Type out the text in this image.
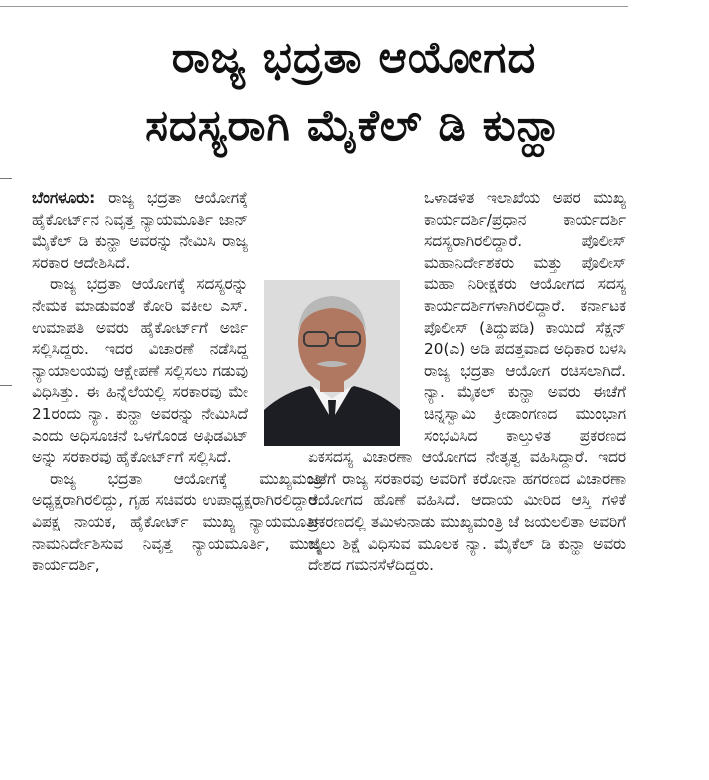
ರಾಜ್ಯ ಭದ್ರತಾ ಆಯೋಗದ
ಸದಸ್ಯರಾಗಿ ಮೈಕೆಲ್ ಡಿ ಕುನ್ಹಾ

ಬೆಂಗಳೂರು: ರಾಜ್ಯ ಭದ್ರತಾ ಆಯೋಗಕ್ಕೆ ಹೈಕೋರ್ಟ್‌ನ ನಿವೃತ್ತ ನ್ಯಾಯಮೂರ್ತಿ ಜಾನ್ ಮೈಕೆಲ್ ಡಿ ಕುನ್ಹಾ ಅವರನ್ನು ನೇಮಿಸಿ ರಾಜ್ಯ ಸರಕಾರ ಆದೇಶಿಸಿದೆ.

ರಾಜ್ಯ ಭದ್ರತಾ ಆಯೋಗಕ್ಕೆ ಸದಸ್ಯರನ್ನು ನೇಮಕ ಮಾಡುವಂತೆ ಕೋರಿ ವಕೀಲ ಎಸ್. ಉಮಾಪತಿ ಅವರು ಹೈಕೋರ್ಟ್‌ಗೆ ಅರ್ಜಿ ಸಲ್ಲಿಸಿದ್ದರು. ಇದರ ವಿಚಾರಣೆ ನಡೆಸಿದ್ದ ನ್ಯಾಯಾಲಯವು ಆಕ್ಷೇಪಣೆ ಸಲ್ಲಿಸಲು ಗಡುವು ವಿಧಿಸಿತ್ತು. ಈ ಹಿನ್ನೆಲೆಯಲ್ಲಿ ಸರಕಾರವು ಮೇ 21ರಂದು ನ್ಯಾ. ಕುನ್ಹಾ ಅವರನ್ನು ನೇಮಿಸಿದೆ ಎಂದು ಅಧಿಸೂಚನೆ ಒಳಗೊಂಡ ಅಫಿಡವಿಟ್ ಅನ್ನು ಸರಕಾರವು ಹೈಕೋರ್ಟ್‌ಗೆ ಸಲ್ಲಿಸಿದೆ.

ರಾಜ್ಯ ಭದ್ರತಾ ಆಯೋಗಕ್ಕೆ ಮುಖ್ಯಮಂತ್ರಿ ಅಧ್ಯಕ್ಷರಾಗಿರಲಿದ್ದು, ಗೃಹ ಸಚಿವರು ಉಪಾಧ್ಯಕ್ಷರಾಗಿರಲಿದ್ದಾರೆ. ವಿಪಕ್ಷ ನಾಯಕ, ಹೈಕೋರ್ಟ್ ಮುಖ್ಯ ನ್ಯಾಯಮೂರ್ತಿ ನಾಮನಿರ್ದೇಶಿಸುವ ನಿವೃತ್ತ ನ್ಯಾಯಮೂರ್ತಿ, ಮುಖ್ಯ ಕಾರ್ಯದರ್ಶಿ,

ಒಳಾಡಳಿತ ಇಲಾಖೆಯ ಅಪರ ಮುಖ್ಯ ಕಾರ್ಯದರ್ಶಿ/ಪ್ರಧಾನ ಕಾರ್ಯದರ್ಶಿ ಸದಸ್ಯರಾಗಿರಲಿದ್ದಾರೆ. ಪೊಲೀಸ್ ಮಹಾನಿರ್ದೇಶಕರು ಮತ್ತು ಪೊಲೀಸ್ ಮಹಾ ನಿರೀಕ್ಷಕರು ಆಯೋಗದ ಸದಸ್ಯ ಕಾರ್ಯದರ್ಶಿಗಳಾಗಿರಲಿದ್ದಾರೆ. ಕರ್ನಾಟಕ ಪೊಲೀಸ್ (ತಿದ್ದುಪಡಿ) ಕಾಯಿದೆ ಸೆಕ್ಷನ್ 20(ಎ) ಅಡಿ ಪದತ್ತವಾದ ಅಧಿಕಾರ ಬಳಸಿ ರಾಜ್ಯ ಭದ್ರತಾ ಆಯೋಗ ರಚಿಸಲಾಗಿದೆ. ನ್ಯಾ. ಮೈಕಲ್ ಕುನ್ಹಾ ಅವರು ಈಚೆಗೆ ಚಿನ್ನಸ್ವಾಮಿ ಕ್ರೀಡಾಂಗಣದ ಮುಂಭಾಗ ಸಂಭವಿಸಿದ ಕಾಲ್ತುಳಿತ ಪ್ರಕರಣದ ಏಕಸದಸ್ಯ ವಿಚಾರಣಾ ಆಯೋಗದ ನೇತೃತ್ವ ವಹಿಸಿದ್ದಾರೆ. ಇದರ ಜತೆಗೆ ರಾಜ್ಯ ಸರಕಾರವು ಅವರಿಗೆ ಕರೋನಾ ಹಗರಣದ ವಿಚಾರಣಾ ಆಯೋಗದ ಹೊಣೆ ವಹಿಸಿದೆ. ಆದಾಯ ಮೀರಿದ ಆಸ್ತಿ ಗಳಿಕೆ ಪ್ರಕರಣದಲ್ಲಿ ತಮಿಳುನಾಡು ಮುಖ್ಯಮಂತ್ರಿ ಜೆ ಜಯಲಲಿತಾ ಅವರಿಗೆ ಜೈಲು ಶಿಕ್ಷೆ ವಿಧಿಸುವ ಮೂಲಕ ನ್ಯಾ. ಮೈಕೆಲ್ ಡಿ ಕುನ್ಹಾ ಅವರು ದೇಶದ ಗಮನಸೆಳೆದಿದ್ದರು.
